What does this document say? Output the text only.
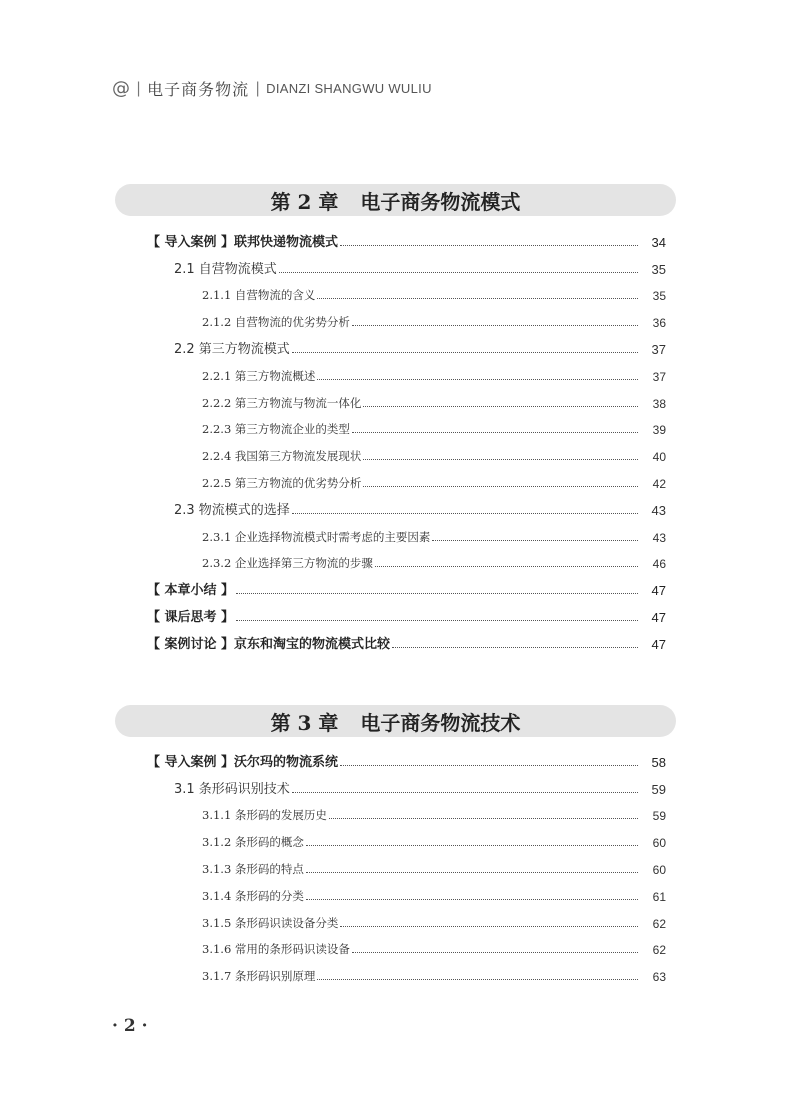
@ | 电子商务物流 | DIANZI SHANGWU WULIU
第 2 章 电子商务物流模式
【 导入案例 】联邦快递物流模式	34
2.1 自营物流模式	35
2.1.1 自营物流的含义	35
2.1.2 自营物流的优劣势分析	36
2.2 第三方物流模式	37
2.2.1 第三方物流概述	37
2.2.2 第三方物流与物流一体化	38
2.2.3 第三方物流企业的类型	39
2.2.4 我国第三方物流发展现状	40
2.2.5 第三方物流的优劣势分析	42
2.3 物流模式的选择	43
2.3.1 企业选择物流模式时需考虑的主要因素	43
2.3.2 企业选择第三方物流的步骤	46
【 本章小结 】	47
【 课后思考 】	47
【 案例讨论 】京东和淘宝的物流模式比较	47
第 3 章 电子商务物流技术
【 导入案例 】沃尔玛的物流系统	58
3.1 条形码识别技术	59
3.1.1 条形码的发展历史	59
3.1.2 条形码的概念	60
3.1.3 条形码的特点	60
3.1.4 条形码的分类	61
3.1.5 条形码识读设备分类	62
3.1.6 常用的条形码识读设备	62
3.1.7 条形码识别原理	63
· 2 ·
